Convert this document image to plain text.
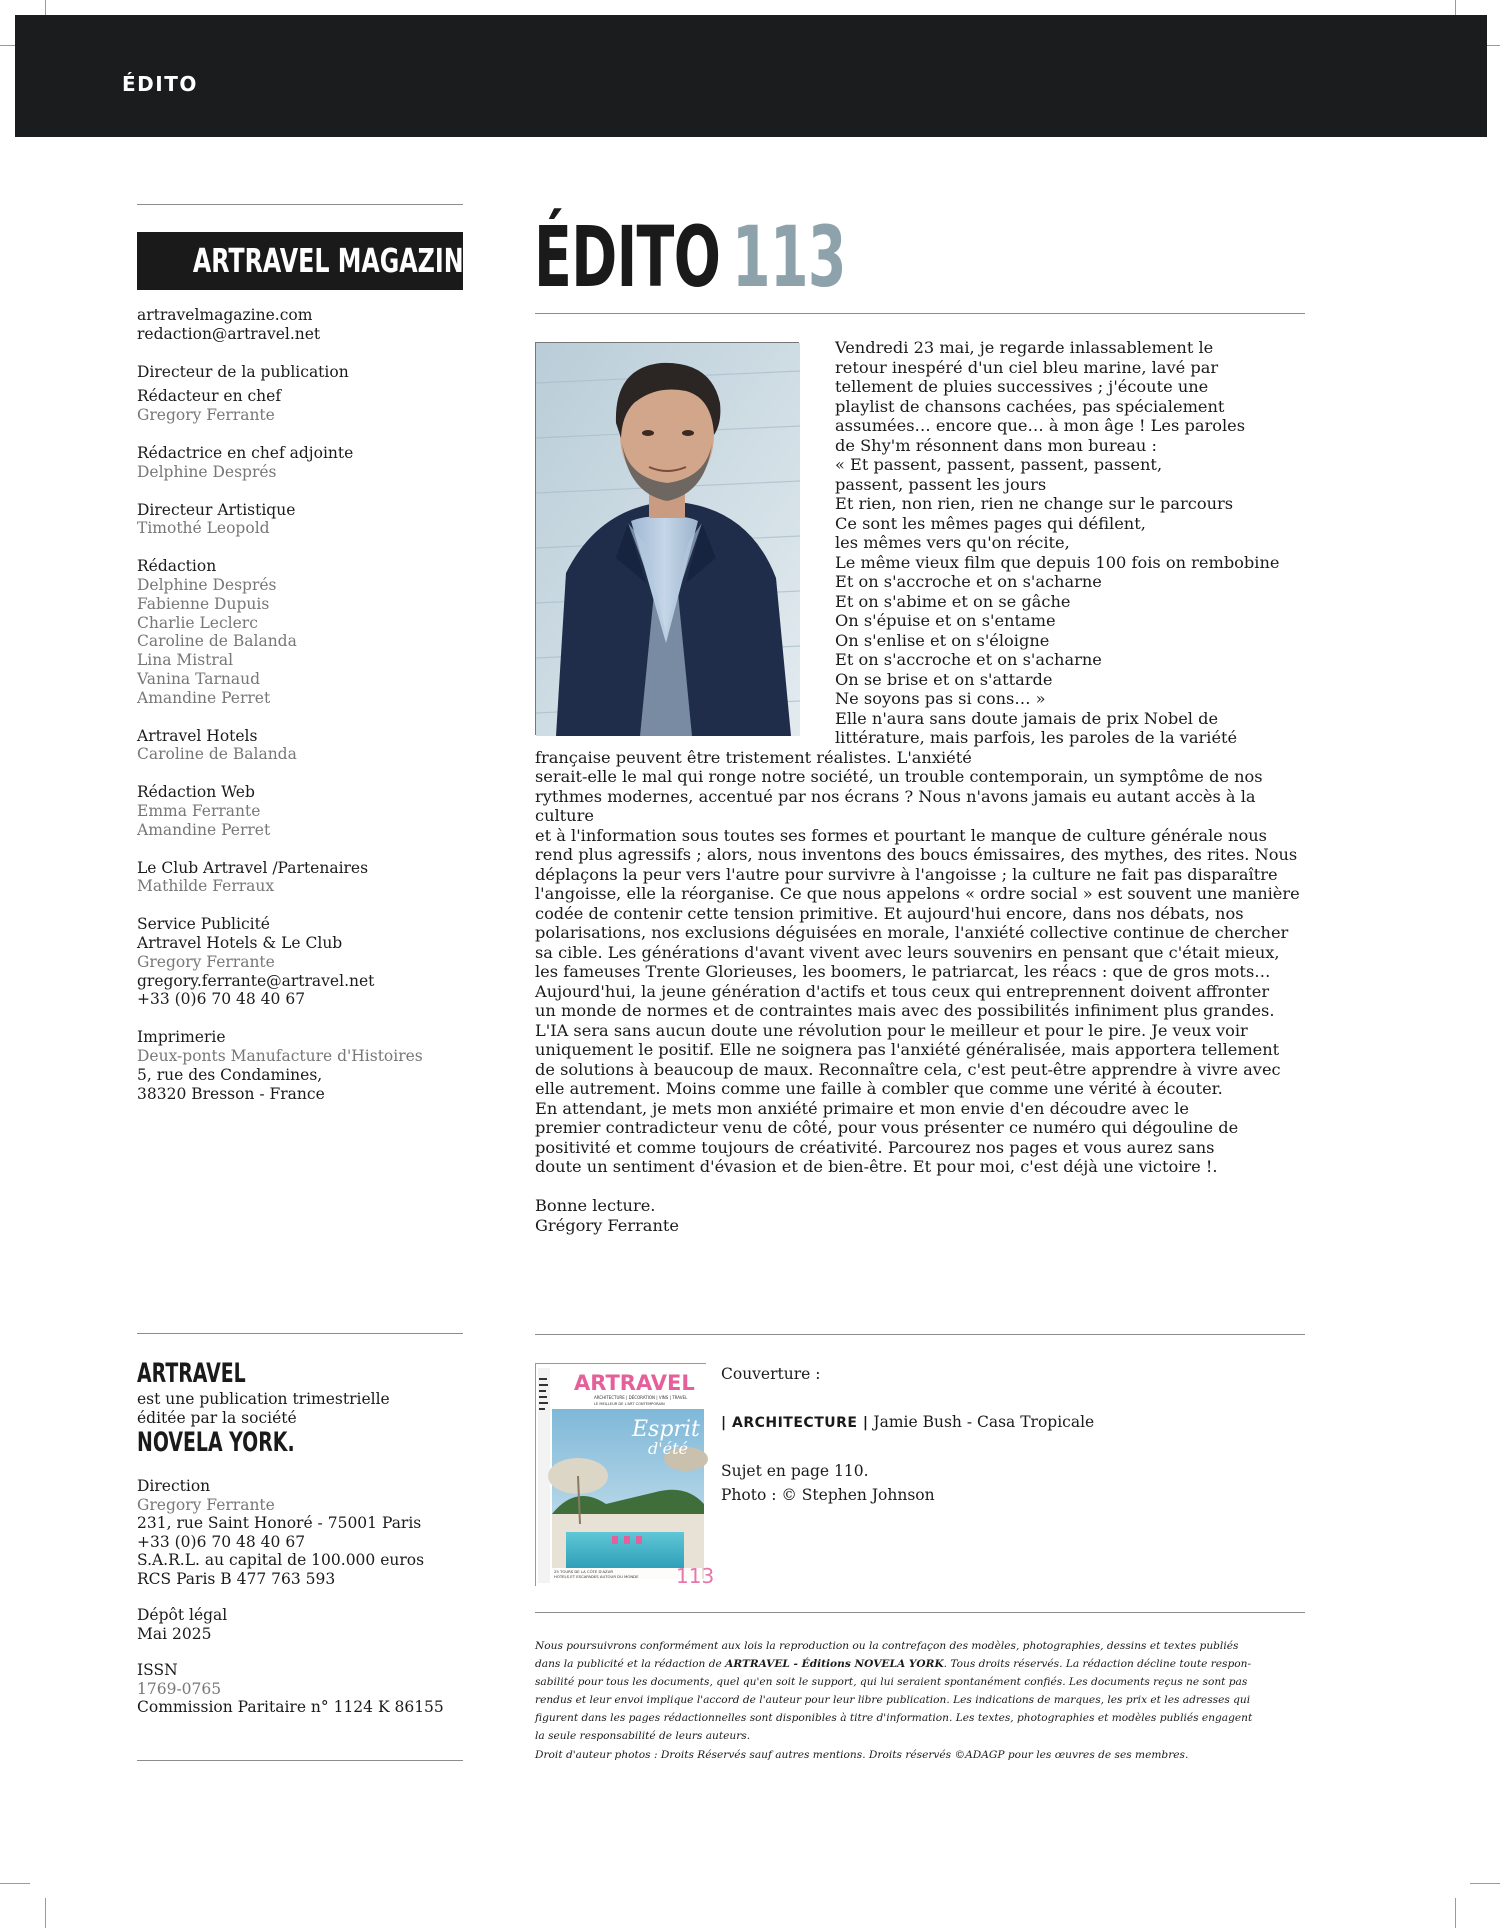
ÉDITO
ARTRAVEL MAGAZINE
artravelmagazine.com
redaction@artravel.net
Directeur de la publication
Rédacteur en chef
Gregory Ferrante
Rédactrice en chef adjointe
Delphine Després
Directeur Artistique
Timothé Leopold
Rédaction
Delphine Després
Fabienne Dupuis
Charlie Leclerc
Caroline de Balanda
Lina Mistral
Vanina Tarnaud
Amandine Perret
Artravel Hotels
Caroline de Balanda
Rédaction Web
Emma Ferrante
Amandine Perret
Le Club Artravel /Partenaires
Mathilde Ferraux
Service Publicité
Artravel Hotels & Le Club
Gregory Ferrante
gregory.ferrante@artravel.net
+33 (0)6 70 48 40 67
Imprimerie
Deux-ponts Manufacture d'Histoires
5, rue des Condamines,
38320 Bresson - France
ÉDITO 113

Vendredi 23 mai, je regarde inlassablement le
retour inespéré d'un ciel bleu marine, lavé par
tellement de pluies successives ; j'écoute une
playlist de chansons cachées, pas spécialement
assumées… encore que… à mon âge ! Les paroles
de Shy'm résonnent dans mon bureau :
« Et passent, passent, passent, passent,
passent, passent les jours
Et rien, non rien, rien ne change sur le parcours
Ce sont les mêmes pages qui défilent,
les mêmes vers qu'on récite,
Le même vieux film que depuis 100 fois on rembobine
Et on s'accroche et on s'acharne
Et on s'abime et on se gâche
On s'épuise et on s'entame
On s'enlise et on s'éloigne
Et on s'accroche et on s'acharne
On se brise et on s'attarde
Ne soyons pas si cons… »
Elle n'aura sans doute jamais de prix Nobel de
littérature, mais parfois, les paroles de la variété
française peuvent être tristement réalistes. L'anxiété

serait-elle le mal qui ronge notre société, un trouble contemporain, un symptôme de nos
rythmes modernes, accentué par nos écrans ? Nous n'avons jamais eu autant accès à la culture
et à l'information sous toutes ses formes et pourtant le manque de culture générale nous
rend plus agressifs ; alors, nous inventons des boucs émissaires, des mythes, des rites. Nous
déplaçons la peur vers l'autre pour survivre à l'angoisse ; la culture ne fait pas disparaître
l'angoisse, elle la réorganise. Ce que nous appelons « ordre social » est souvent une manière
codée de contenir cette tension primitive. Et aujourd'hui encore, dans nos débats, nos
polarisations, nos exclusions déguisées en morale, l'anxiété collective continue de chercher
sa cible. Les générations d'avant vivent avec leurs souvenirs en pensant que c'était mieux,
les fameuses Trente Glorieuses, les boomers, le patriarcat, les réacs : que de gros mots…
Aujourd'hui, la jeune génération d'actifs et tous ceux qui entreprennent doivent affronter
un monde de normes et de contraintes mais avec des possibilités infiniment plus grandes.
L'IA sera sans aucun doute une révolution pour le meilleur et pour le pire. Je veux voir
uniquement le positif. Elle ne soignera pas l'anxiété généralisée, mais apportera tellement
de solutions à beaucoup de maux. Reconnaître cela, c'est peut-être apprendre à vivre avec
elle autrement. Moins comme une faille à combler que comme une vérité à écouter.
En attendant, je mets mon anxiété primaire et mon envie d'en découdre avec le
premier contradicteur venu de côté, pour vous présenter ce numéro qui dégouline de
positivité et comme toujours de créativité. Parcourez nos pages et vous aurez sans
doute un sentiment d'évasion et de bien-être. Et pour moi, c'est déjà une victoire !.

Bonne lecture.

Grégory Ferrante

ARTRAVEL
est une publication trimestrielle
éditée par la société
NOVELA YORK.
Direction
Gregory Ferrante
231, rue Saint Honoré - 75001 Paris
+33 (0)6 70 48 40 67
S.A.R.L. au capital de 100.000 euros
RCS Paris B 477 763 593
Dépôt légal
Mai 2025
ISSN
1769-0765
Commission Paritaire n° 1124 K 86155
ARTRAVEL
ARCHITECTURE | DÉCORATION | VINS | TRAVEL
LE MEILLEUR DE L'ART CONTEMPORAIN
Esprit
d'été
25 TOURS DE LA CÔTE D'AZUR
HOTELS ET ESCAPADES AUTOUR DU MONDE 113
Couverture :
| ARCHITECTURE | Jamie Bush - Casa Tropicale
Sujet en page 110.
Photo : © Stephen Johnson
Nous poursuivrons conformément aux lois la reproduction ou la contrefaçon des modèles, photographies, dessins et textes publiés
dans la publicité et la rédaction de ARTRAVEL - Éditions NOVELA YORK. Tous droits réservés. La rédaction décline toute respon-
sabilité pour tous les documents, quel qu'en soit le support, qui lui seraient spontanément confiés. Les documents reçus ne sont pas
rendus et leur envoi implique l'accord de l'auteur pour leur libre publication. Les indications de marques, les prix et les adresses qui
figurent dans les pages rédactionnelles sont disponibles à titre d'information. Les textes, photographies et modèles publiés engagent
la seule responsabilité de leurs auteurs.
Droit d'auteur photos : Droits Réservés sauf autres mentions. Droits réservés ©ADAGP pour les œuvres de ses membres.
